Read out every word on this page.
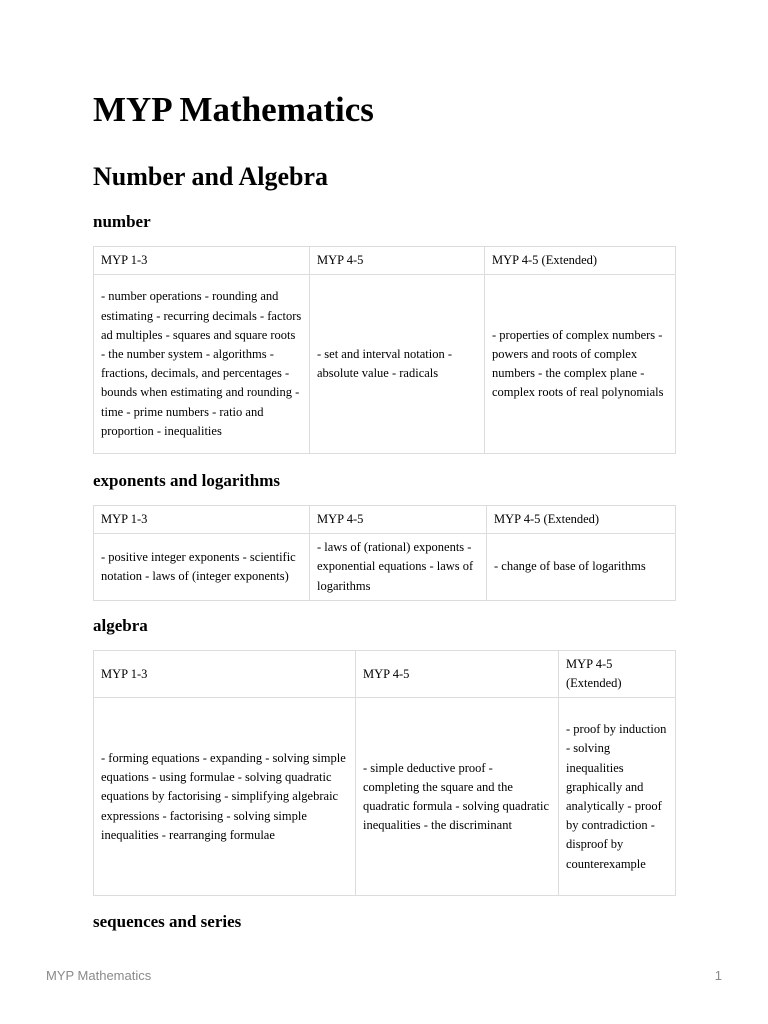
MYP Mathematics
Number and Algebra
number
MYP 1-3	MYP 4-5	MYP 4-5 (Extended)
- number operations - rounding and estimating - recurring decimals - factors ad multiples - squares and square roots - the number system - algorithms - fractions, decimals, and percentages - bounds when estimating and rounding - time - prime numbers - ratio and proportion - inequalities	- set and interval notation - absolute value - radicals	- properties of complex numbers - powers and roots of complex numbers - the complex plane - complex roots of real polynomials
exponents and logarithms
MYP 1-3	MYP 4-5	MYP 4-5 (Extended)
- positive integer exponents - scientific notation - laws of (integer exponents)	- laws of (rational) exponents - exponential equations - laws of logarithms	- change of base of logarithms
algebra
MYP 1-3	MYP 4-5	MYP 4-5 (Extended)
- forming equations - expanding - solving simple equations - using formulae - solving quadratic equations by factorising - simplifying algebraic expressions - factorising - solving simple inequalities - rearranging formulae	- simple deductive proof - completing the square and the quadratic formula - solving quadratic inequalities - the discriminant	- proof by induction - solving inequalities graphically and analytically - proof by contradiction - disproof by counterexample
sequences and series
MYP Mathematics	1
